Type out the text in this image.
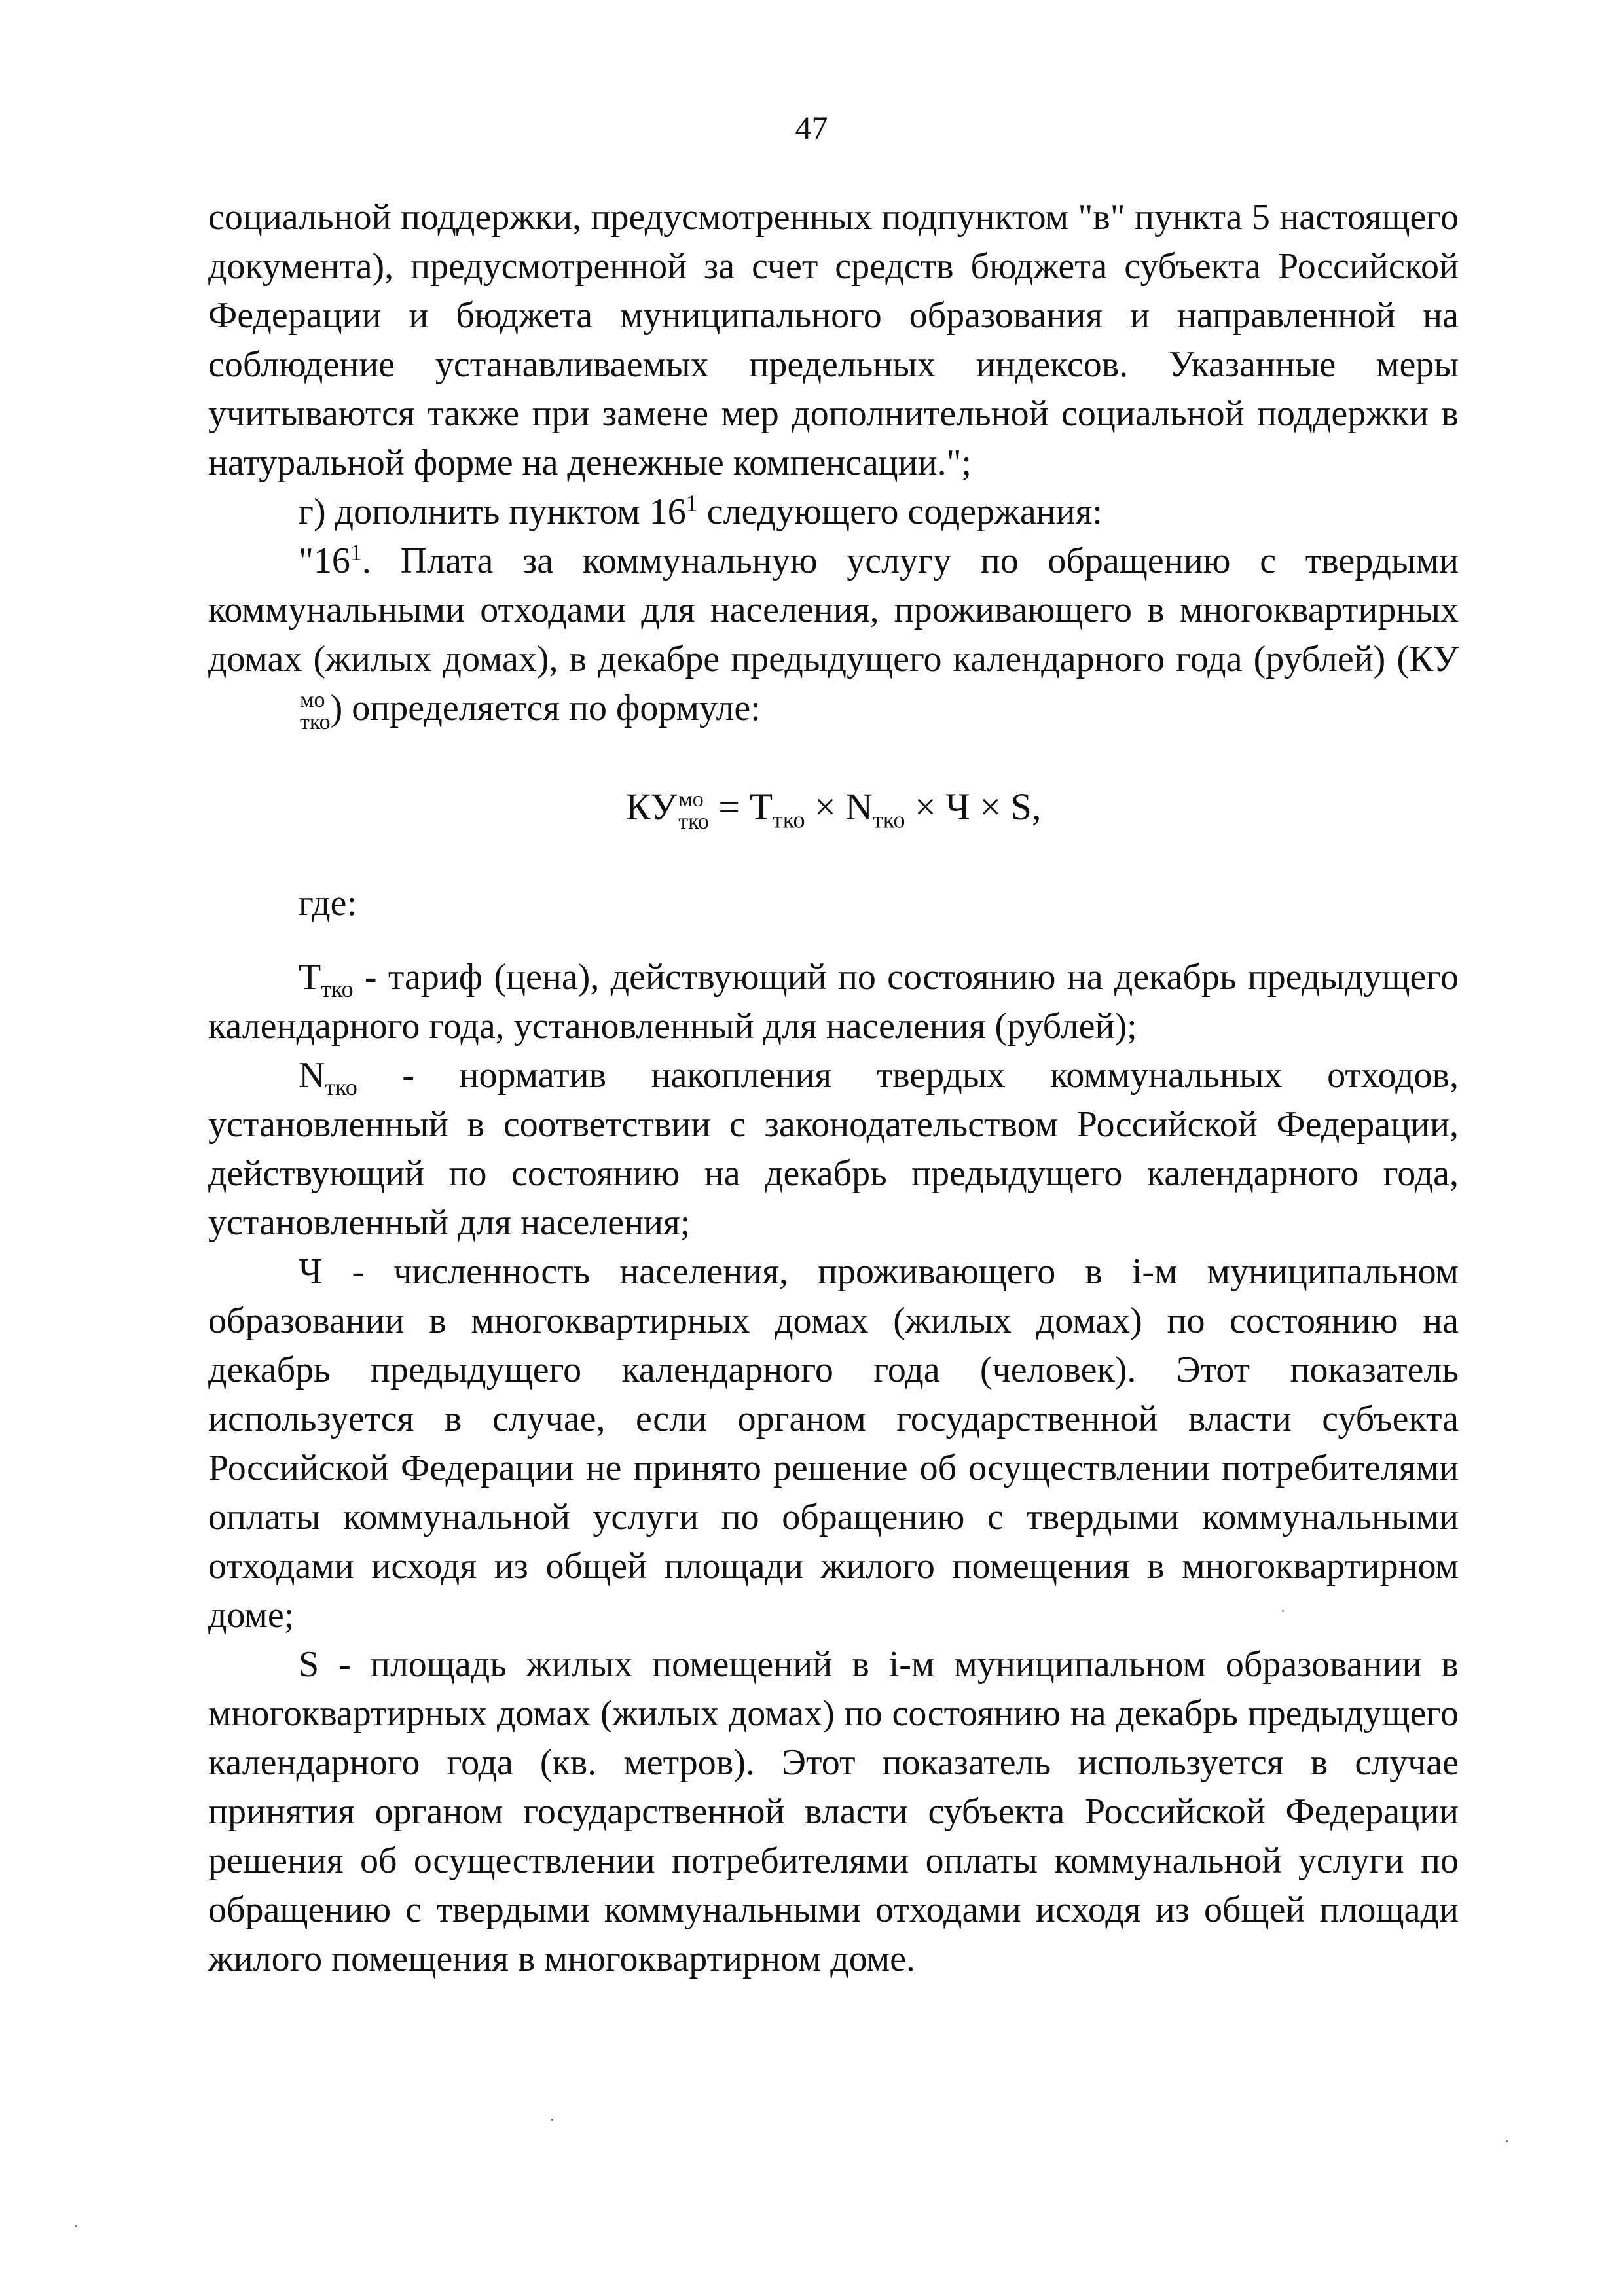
47

социальной поддержки, предусмотренных подпунктом "в" пункта 5 настоящего документа), предусмотренной за счет средств бюджета субъекта Российской Федерации и бюджета муниципального образования и направленной на соблюдение устанавливаемых предельных индексов. Указанные меры учитываются также при замене мер дополнительной социальной поддержки в натуральной форме на денежные компенсации.";

г) дополнить пунктом $16^1$ следующего содержания:

"$16^1$. Плата за коммунальную услугу по обращению с твердыми коммунальными отходами для населения, проживающего в многоквартирных домах (жилых домах), в декабре предыдущего календарного года (рублей) (КУ
мо
тко ) определяется по формуле:

КУ мо
тко = $Т_{тко} \times N_{тко} \times Ч \times S$,

где:

$Т_{тко}$ - тариф (цена), действующий по состоянию на декабрь предыдущего календарного года, установленный для населения (рублей);

$N_{тко}$ - норматив накопления твердых коммунальных отходов, установленный в соответствии с законодательством Российской Федерации, действующий по состоянию на декабрь предыдущего календарного года, установленный для населения;

Ч - численность населения, проживающего в i-м муниципальном образовании в многоквартирных домах (жилых домах) по состоянию на декабрь предыдущего календарного года (человек). Этот показатель используется в случае, если органом государственной власти субъекта Российской Федерации не принято решение об осуществлении потребителями оплаты коммунальной услуги по обращению с твердыми коммунальными отходами исходя из общей площади жилого помещения в многоквартирном доме;

S - площадь жилых помещений в i-м муниципальном образовании в многоквартирных домах (жилых домах) по состоянию на декабрь предыдущего календарного года (кв. метров). Этот показатель используется в случае принятия органом государственной власти субъекта Российской Федерации решения об осуществлении потребителями оплаты коммунальной услуги по обращению с твердыми коммунальными отходами исходя из общей площади жилого помещения в многоквартирном доме.
